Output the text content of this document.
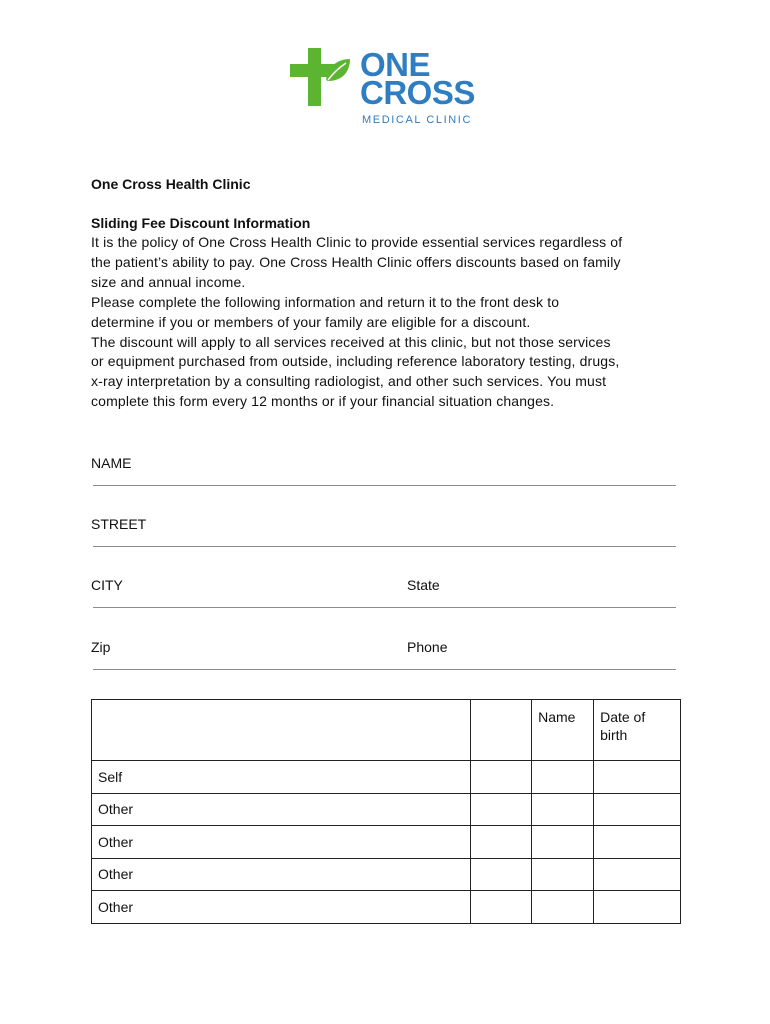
ONE
CROSS
MEDICAL CLINIC
One Cross Health Clinic
Sliding Fee Discount Information
It is the policy of One Cross Health Clinic to provide essential services regardless of
the patient’s ability to pay. One Cross Health Clinic offers discounts based on family
size and annual income.
Please complete the following information and return it to the front desk to
determine if you or members of your family are eligible for a discount.
The discount will apply to all services received at this clinic, but not those services
or equipment purchased from outside, including reference laboratory testing, drugs,
x-ray interpretation by a consulting radiologist, and other such services. You must
complete this form every 12 months or if your financial situation changes.
NAME
STREET
CITY	State
Zip	Phone
		Name	Date of
birth

Self			
Other			
Other			
Other			
Other			
